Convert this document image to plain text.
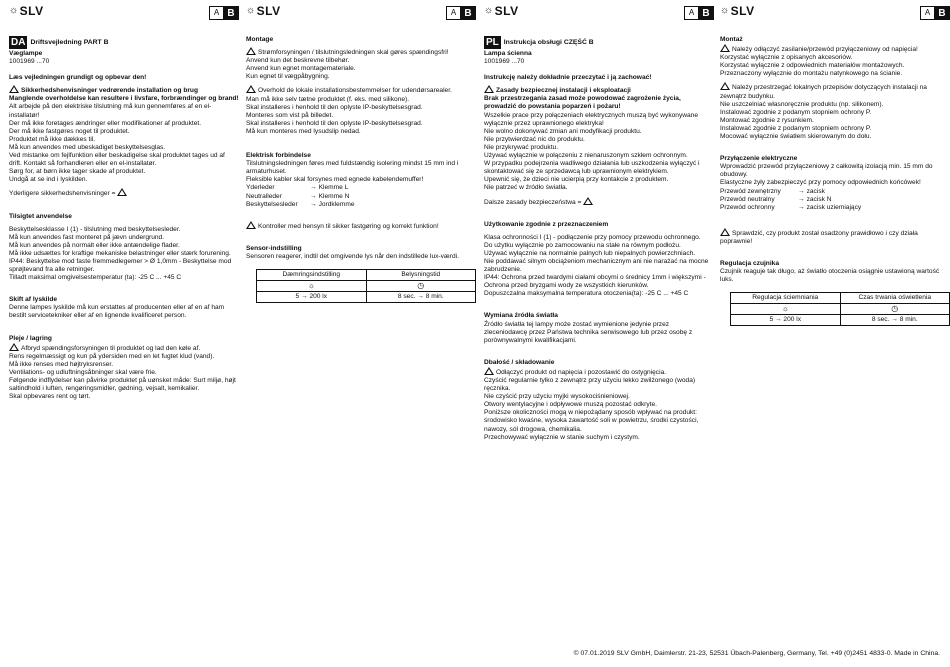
☼ SLV	A B
DA Driftsvejledning PART B
Væglampe
1001969 ...70
Læs vejledningen grundigt og opbevar den!
Sikkerhedshenvisninger vedrørende installation og brug
Manglende overholdelse kan resultere i livsfare, forbrændinger og brand!
Alt arbejde på den elektriske tilslutning må kun gennemføres af en el-installatør!
Der må ikke foretages ændringer eller modifikationer af produktet.
Der må ikke fastgøres noget til produktet.
Produktet må ikke dækkes til.
Må kun anvendes med ubeskadiget beskyttelsesglas.
Ved mistanke om fejlfunktion eller beskadigelse skal produktet tages ud af drift. Kontakt så forhandleren eller en el-installatør.
Sørg for, at børn ikke tager skade af produktet.
Undgå at se ind i lyskilden.
Yderligere sikkerhedshenvisninger =
Tilsigtet anvendelse
Beskyttelsesklasse I (1) - tilslutning med beskyttelsesleder.
Må kun anvendes fast monteret på jævn undergrund.
Må kun anvendes på normalt eller ikke antændelige flader.
Må ikke udsættes for kraftige mekaniske belastninger eller stærk forurening.
IP44: Beskyttelse mod faste fremmedlegemer > Ø 1,0mm - Beskyttelse mod sprøjtevand fra alle retninger.
Tilladt maksimal omgivelsestemperatur (ta): -25 C ... +45 C
Skift af lyskilde
Denne lampes lyskilde må kun erstattes af producenten eller af en af ham bestilt servicetekniker eller af en lignende kvalificeret person.
Pleje / lagring
Afbryd spændingsforsyningen til produktet og lad den køle af.
Rens regelmæssigt og kun på ydersiden med en let fugtet klud (vand).
Må ikke renses med højtryksrenser.
Ventilations- og udluftningsåbninger skal være frie.
Følgende indflydelser kan påvirke produktet på uønsket måde: Surt miljø, højt saltindhold i luften, rengøringsmidler, gødning, vejsalt, kemikalier.
Skal opbevares rent og tørt.
☼ SLV	A B
Montage
Strømforsyningen / tilslutningsledningen skal gøres spændingsfri!
Anvend kun det beskrevne tilbehør.
Anvend kun egnet montagemateriale.
Kun egnet til vægpåbygning.
Overhold de lokale installationsbestemmelser for udendørsarealer.
Man må ikke selv tætne produktet (f. eks. med silikone).
Skal installeres i henhold til den oplyste IP-beskyttelsesgrad.
Monteres som vist på billedet.
Skal installeres i henhold til den oplyste IP-beskyttelsesgrad.
Må kun monteres med lysudslip nedad.
Elektrisk forbindelse
Tilslutningsledningen føres med fuldstændig isolering mindst 15 mm ind i armaturhuset.
Fleksible kabler skal forsynes med egnede kabelendemuffer!
Yderleder	→ Klemme L
Neutralleder	→ Klemme N
Beskyttelsesleder	→ Jordklemme
Kontroller med hensyn til sikker fastgøring og korrekt funktion!
Sensor-indstilling
Sensoren reagerer, indtil det omgivende lys når den indstillede lux-værdi.
Dæmringsindstilling	Belysningstid
☼	◷
5 → 200 lx	8 sec. → 8 min.
☼ SLV	A B
PL Instrukcja obsługi CZĘŚĆ B
Lampa ścienna
1001969 ...70
Instrukcję należy dokładnie przeczytać i ją zachować!
Zasady bezpiecznej instalacji i eksploatacji
Brak przestrzegania zasad może powodować zagrożenie życia, prowadzić do powstania poparzeń i pożaru!
Wszelkie prace przy połączeniach elektrycznych muszą być wykonywane wyłącznie przez uprawnionego elektryka!
Nie wolno dokonywać zmian ani modyfikacji produktu.
Nie przytwierdzać nic do produktu.
Nie przykrywać produktu.
Używać wyłącznie w połączeniu z nienaruszonym szkłem ochronnym.
W przypadku podejrzenia wadliwego działania lub uszkodzenia wyłączyć i skontaktować się ze sprzedawcą lub uprawnionym elektrykiem.
Upewnić się, że dzieci nie ucierpią przy kontakcie z produktem.
Nie patrzeć w źródło światła.
Dalsze zasady bezpieczeństwa =
Użytkowanie zgodnie z przeznaczeniem
Klasa ochronności I (1) - podłączenie przy pomocy przewodu ochronnego.
Do użytku wyłącznie po zamocowaniu na stałe na równym podłożu.
Używać wyłącznie na normalnie palnych lub niepalnych powierzchniach.
Nie poddawać silnym obciążeniom mechanicznym ani nie narażać na mocne zabrudzenie.
IP44: Ochrona przed twardymi ciałami obcymi o średnicy 1mm i większymi - Ochrona przed bryzgami wody ze wszystkich kierunków.
Dopuszczalna maksymalna temperatura otoczenia(ta): -25 C ... +45 C
Wymiana źródła światła
Źródło światła tej lampy może zostać wymienione jedynie przez zleceniodawcę przez Państwa technika serwisowego lub przez osobę z porównywalnymi kwalifikacjami.
Dbałość / składowanie
Odłączyć produkt od napięcia i pozostawić do ostygnięcia.
Czyścić regularnie tylko z zewnątrz przy użyciu lekko zwilżonego (woda) ręcznika.
Nie czyścić przy użyciu myjki wysokociśnieniowej.
Otwory wentylacyjne i odpływowe muszą pozostać odkryte.
Poniższe okoliczności mogą w niepożądany sposób wpływać na produkt: środowisko kwaśne, wysoka zawartość soli w powietrzu, środki czystości, nawozy, sól drogowa, chemikalia.
Przechowywać wyłącznie w stanie suchym i czystym.
☼ SLV	A B
Montaż
Należy odłączyć zasilanie/przewód przyłączeniowy od napięcia!
Korzystać wyłącznie z opisanych akcesoriów.
Korzystać wyłącznie z odpowiednich materiałów montażowych.
Przeznaczony wyłącznie do montażu natynkowego na ścianie.
Należy przestrzegać lokalnych przepisów dotyczących instalacji na zewnątrz budynku.
Nie uszczelniać własnoręcznie produktu (np. silikonem).
Instalować zgodnie z podanym stopniem ochrony P.
Montować zgodnie z rysunkiem.
Instalować zgodnie z podanym stopniem ochrony P.
Mocować wyłącznie światłem skierowanym do dołu.
Przyłączenie elektryczne
Wprowadzić przewód przyłączeniowy z całkowitą izolacją min. 15 mm do obudowy.
Elastyczne żyły zabezpieczyć przy pomocy odpowiednich końcówek!
Przewód zewnętrzny	→ zacisk
Przewód neutralny	→ zacisk N
Przewód ochronny	→ zacisk uziemiający
Sprawdzić, czy produkt został osadzony prawidłowo i czy działa poprawnie!
Regulacja czujnika
Czujnik reaguje tak długo, aż światło otoczenia osiągnie ustawioną wartość luks.
Regulacja ściemniania	Czas trwania oświetlenia
☼	◷
5 → 200 lx	8 sec. → 8 min.
© 07.01.2019 SLV GmbH, Daimlerstr. 21-23, 52531 Übach-Palenberg, Germany, Tel. +49 (0)2451 4833-0. Made in China.
